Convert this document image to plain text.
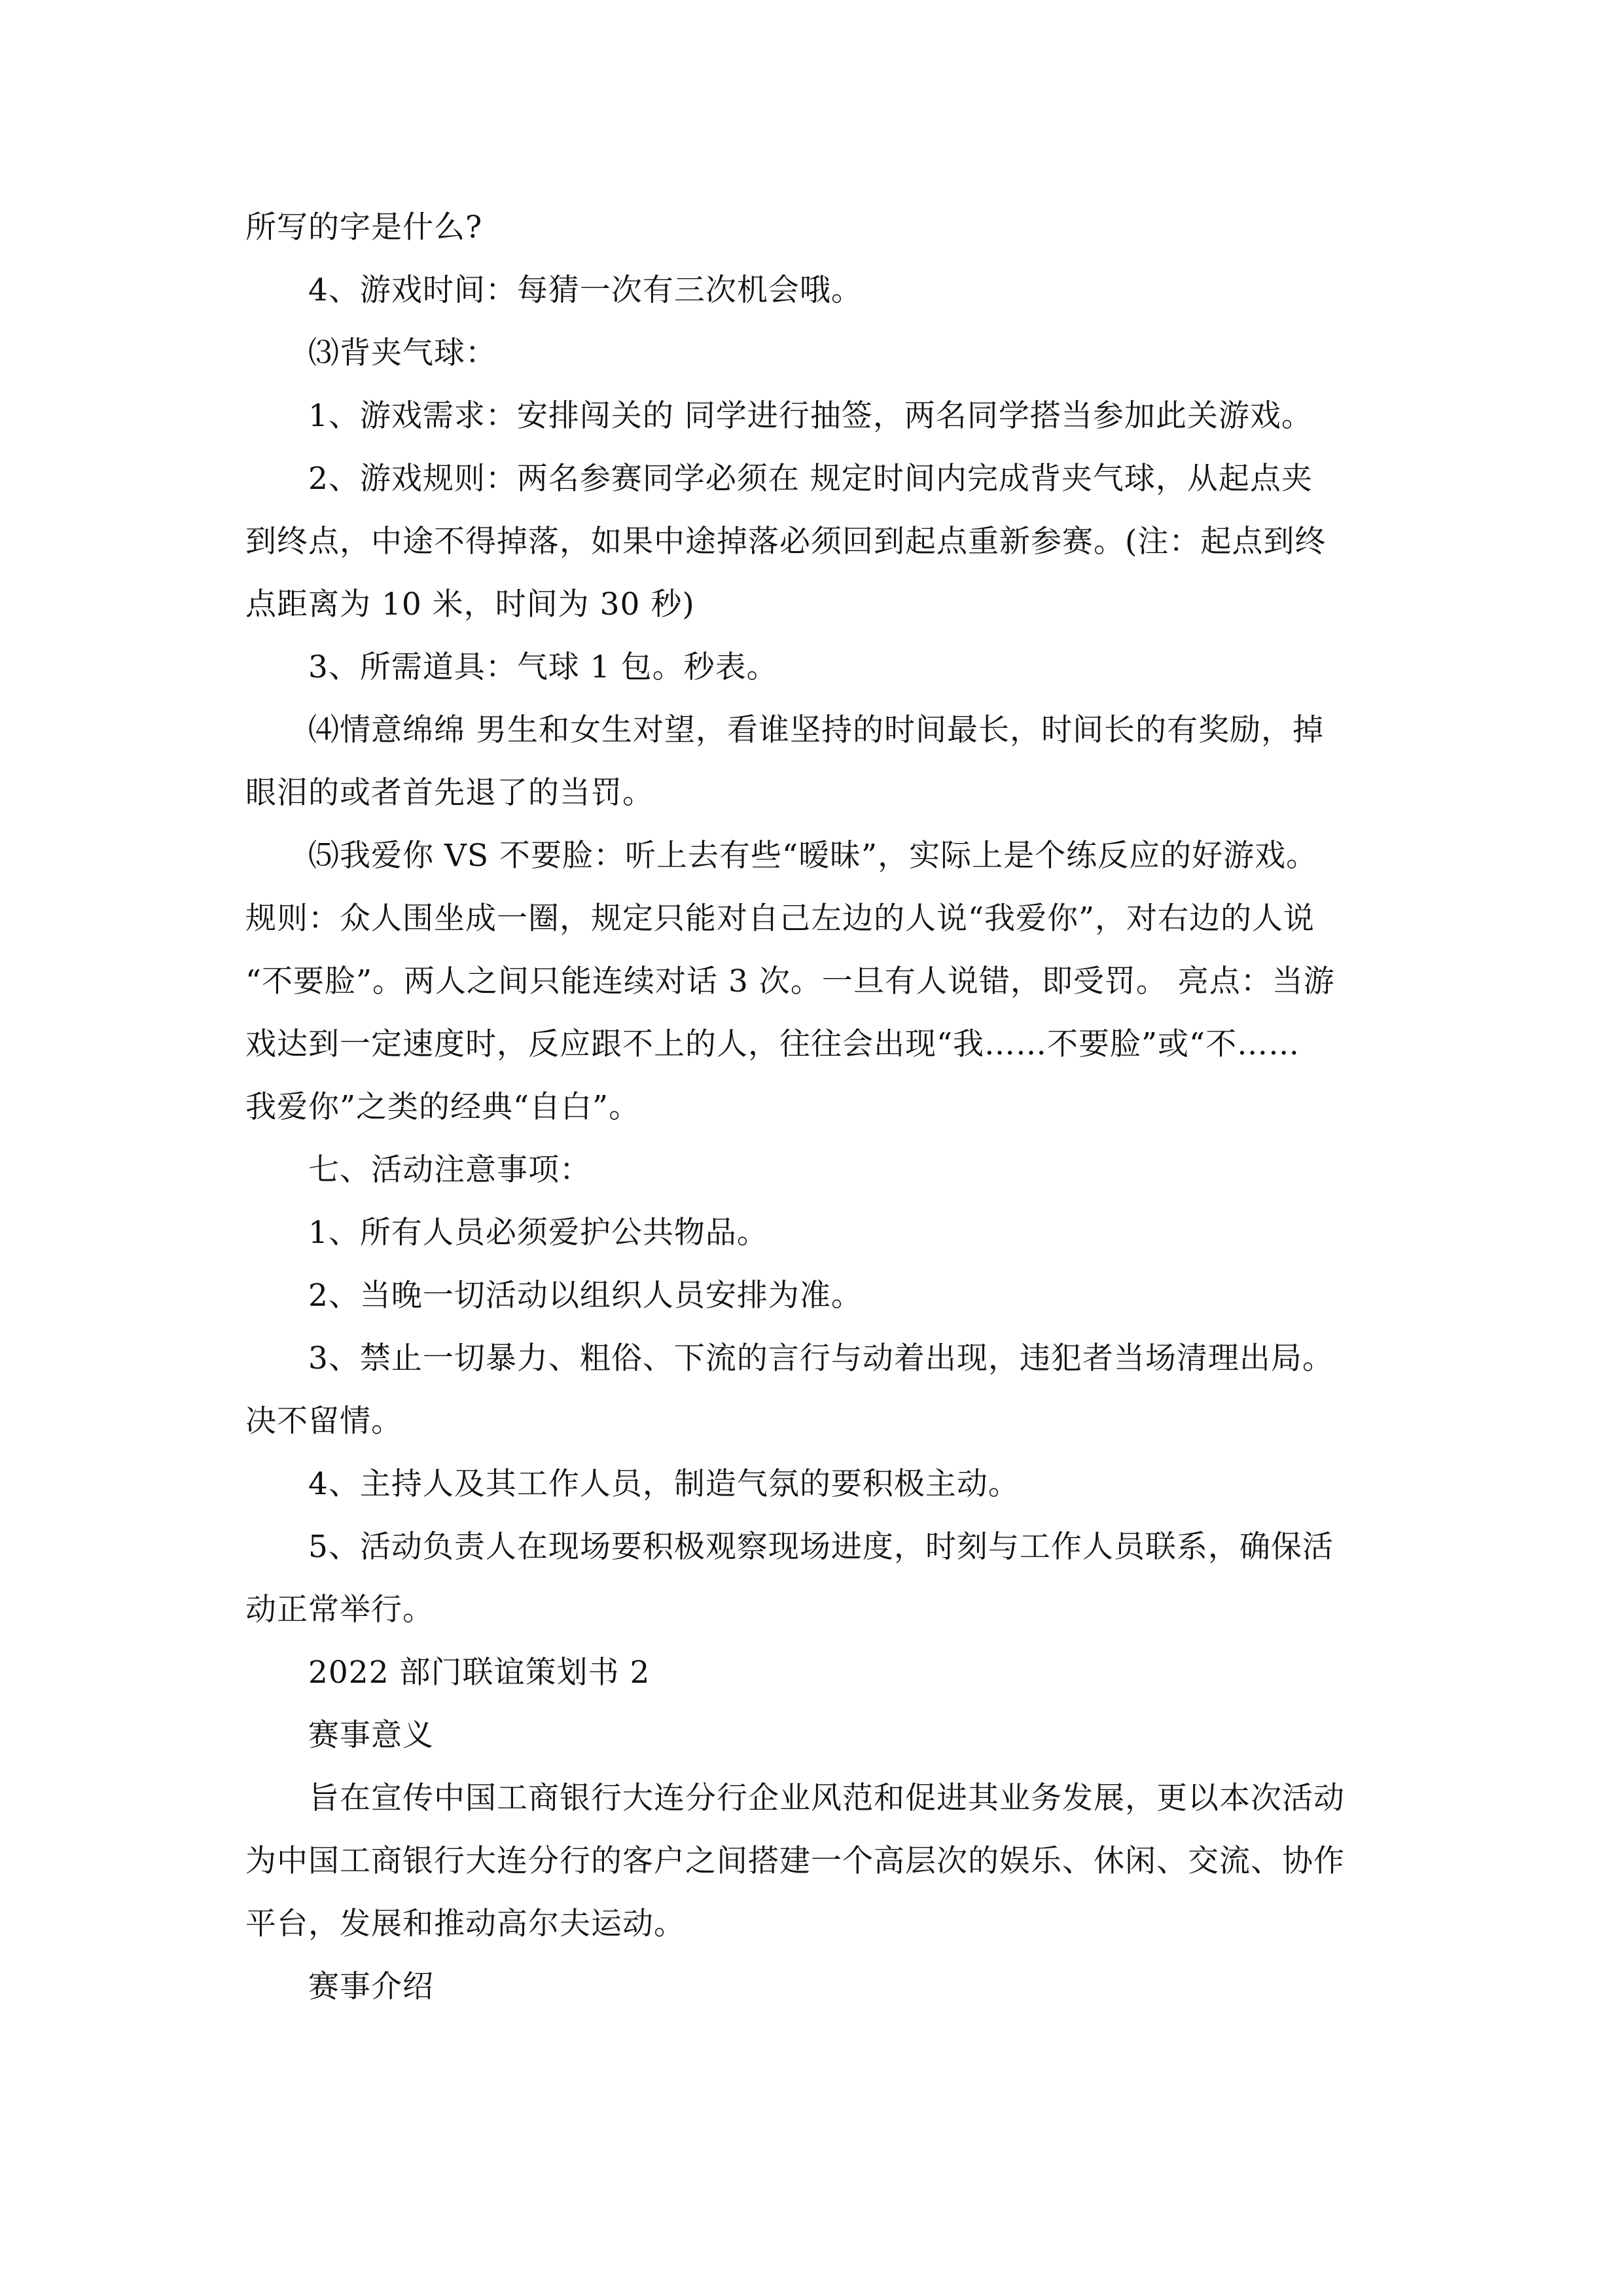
所写的字是什么?

4、游戏时间：每猜一次有三次机会哦。

⑶背夹气球：

1、游戏需求：安排闯关的 同学进行抽签，两名同学搭当参加此关游戏。

2、游戏规则：两名参赛同学必须在 规定时间内完成背夹气球，从起点夹

到终点，中途不得掉落，如果中途掉落必须回到起点重新参赛。(注：起点到终

点距离为 10 米，时间为 30 秒)

3、所需道具：气球 1 包。秒表。

⑷情意绵绵 男生和女生对望，看谁坚持的时间最长，时间长的有奖励，掉

眼泪的或者首先退了的当罚。

⑸我爱你 VS 不要脸：听上去有些“暧昧”，实际上是个练反应的好游戏。

规则：众人围坐成一圈，规定只能对自己左边的人说“我爱你”，对右边的人说

“不要脸”。两人之间只能连续对话 3 次。一旦有人说错，即受罚。 亮点：当游

戏达到一定速度时，反应跟不上的人，往往会出现“我……不要脸”或“不……

我爱你”之类的经典“自白”。

七、活动注意事项：

1、所有人员必须爱护公共物品。

2、当晚一切活动以组织人员安排为准。

3、禁止一切暴力、粗俗、下流的言行与动着出现，违犯者当场清理出局。

决不留情。

4、主持人及其工作人员，制造气氛的要积极主动。

5、活动负责人在现场要积极观察现场进度，时刻与工作人员联系，确保活

动正常举行。

2022 部门联谊策划书 2

赛事意义

旨在宣传中国工商银行大连分行企业风范和促进其业务发展，更以本次活动

为中国工商银行大连分行的客户之间搭建一个高层次的娱乐、休闲、交流、协作

平台，发展和推动高尔夫运动。

赛事介绍
